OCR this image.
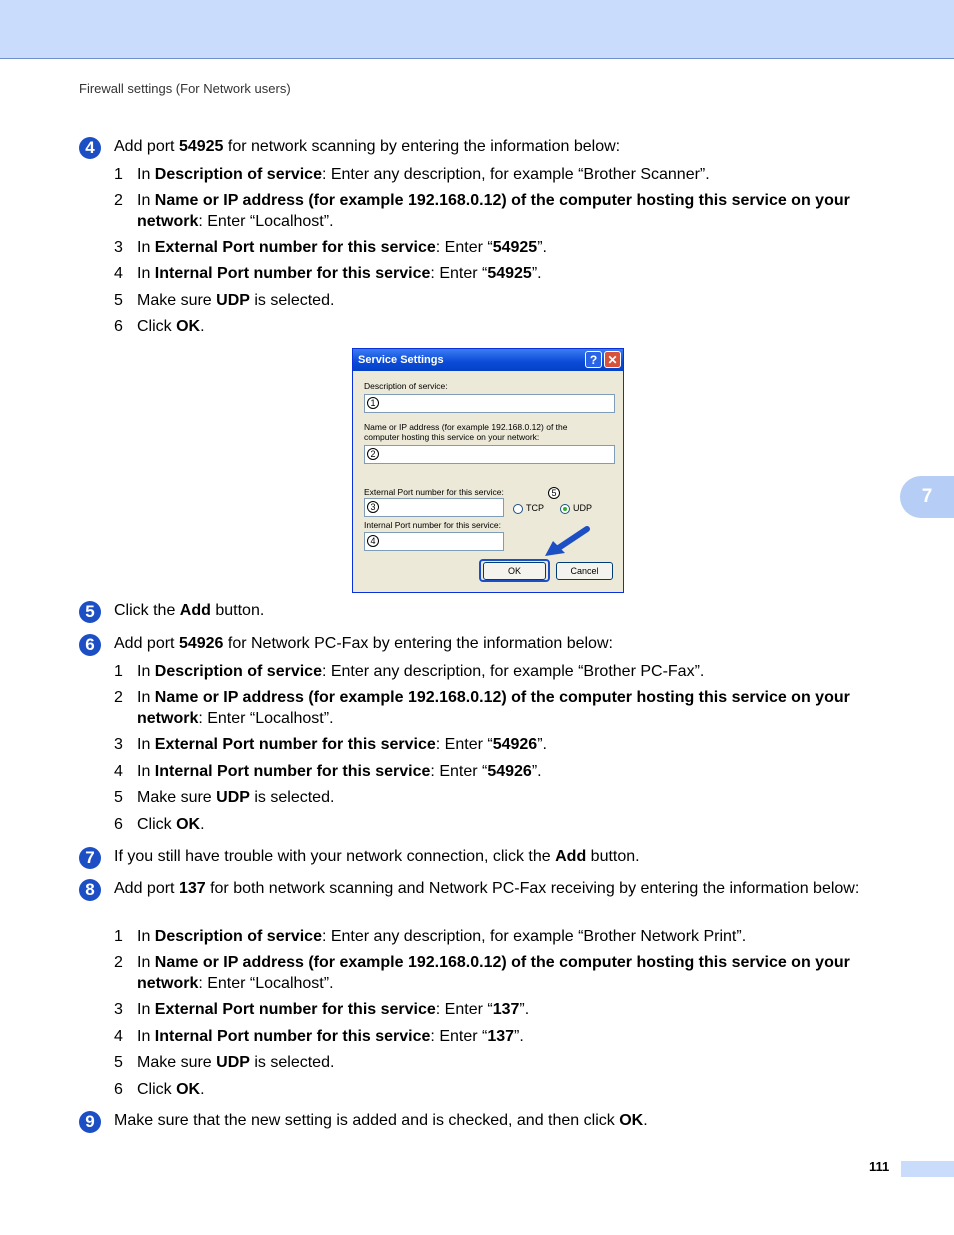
Firewall settings (For Network users)
7
4	Add port 54925 for network scanning by entering the information below:
1 In Description of service: Enter any description, for example “Brother Scanner”.
2 In Name or IP address (for example 192.168.0.12) of the computer hosting this service on your network: Enter “Localhost”.
3 In External Port number for this service: Enter “54925”.
4 In Internal Port number for this service: Enter “54925”.
5 Make sure UDP is selected.
6 Click OK.
Service Settings	? ✕
Description of service:
1
Name or IP address (for example 192.168.0.12) of the computer hosting this service on your network:
2
External Port number for this service:	5
3	TCP	UDP
Internal Port number for this service:
4
OK	Cancel
5	Click the Add button.
6	Add port 54926 for Network PC-Fax by entering the information below:
1 In Description of service: Enter any description, for example “Brother PC-Fax”.
2 In Name or IP address (for example 192.168.0.12) of the computer hosting this service on your network: Enter “Localhost”.
3 In External Port number for this service: Enter “54926”.
4 In Internal Port number for this service: Enter “54926”.
5 Make sure UDP is selected.
6 Click OK.
7	If you still have trouble with your network connection, click the Add button.
8	Add port 137 for both network scanning and Network PC-Fax receiving by entering the information below:
1 In Description of service: Enter any description, for example “Brother Network Print”.
2 In Name or IP address (for example 192.168.0.12) of the computer hosting this service on your network: Enter “Localhost”.
3 In External Port number for this service: Enter “137”.
4 In Internal Port number for this service: Enter “137”.
5 Make sure UDP is selected.
6 Click OK.
9	Make sure that the new setting is added and is checked, and then click OK.
111
